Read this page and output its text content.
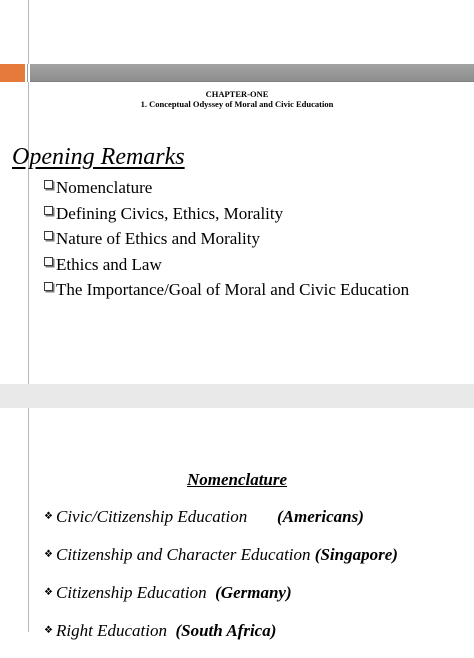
CHAPTER-ONE
1. Conceptual Odyssey of Moral and Civic Education
Opening Remarks
Nomenclature
Defining Civics, Ethics, Morality
Nature of Ethics and Morality
Ethics and Law
The Importance/Goal of Moral and Civic Education
Nomenclature
❖ Civic/Citizenship Education (Americans)
❖ Citizenship and Character Education (Singapore)
❖ Citizenship Education (Germany)
❖ Right Education (South Africa)
